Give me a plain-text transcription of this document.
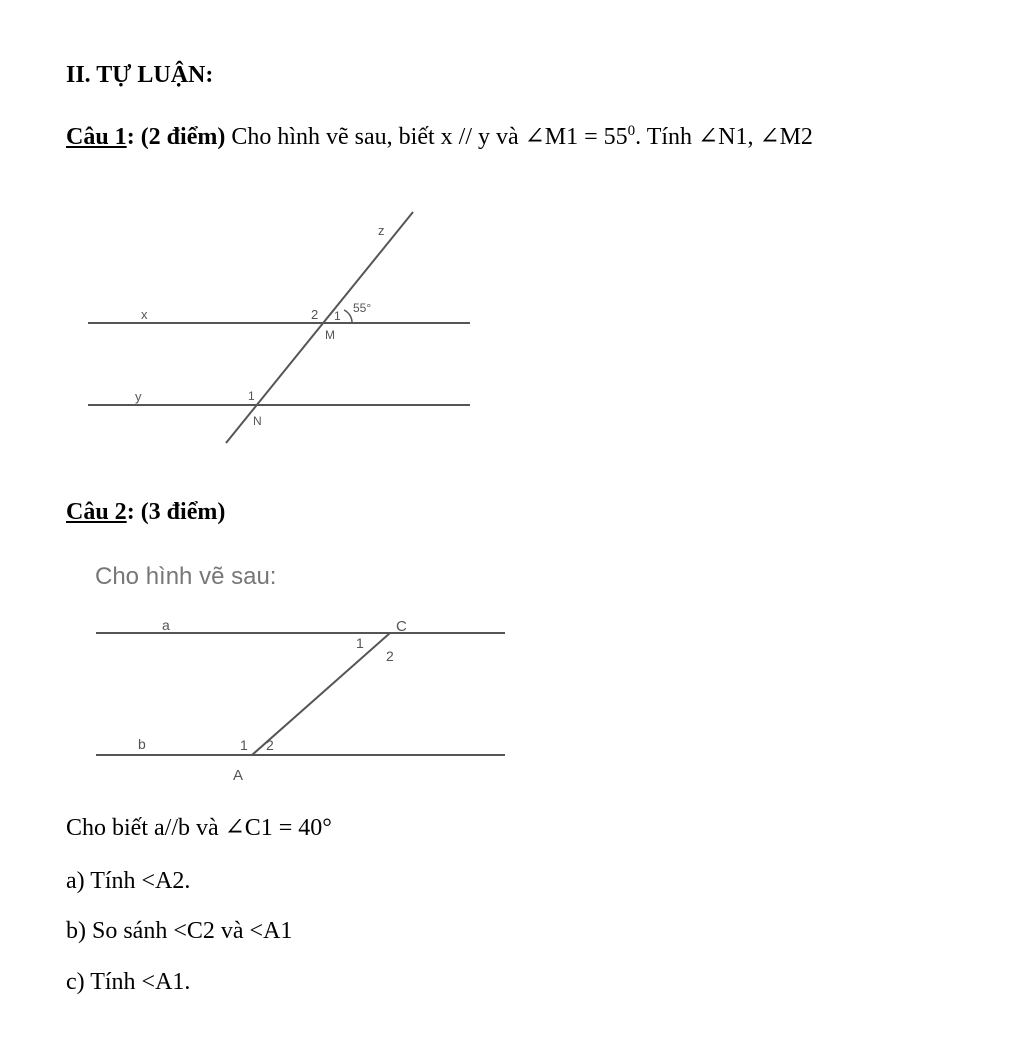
II. TỰ LUẬN:

Câu 1: (2 điểm) Cho hình vẽ sau, biết x // y và ∠M1 = $55^0$. Tính ∠N1, ∠M2

z
x
y
2 1
55°
M
1
N

Câu 2: (3 điểm)

Cho hình vẽ sau:

a
b
C
1
2
1 2
A

Cho biết a//b và ∠C1 = 40°

a) Tính <A2.

b) So sánh <C2 và <A1

c) Tính <A1.
